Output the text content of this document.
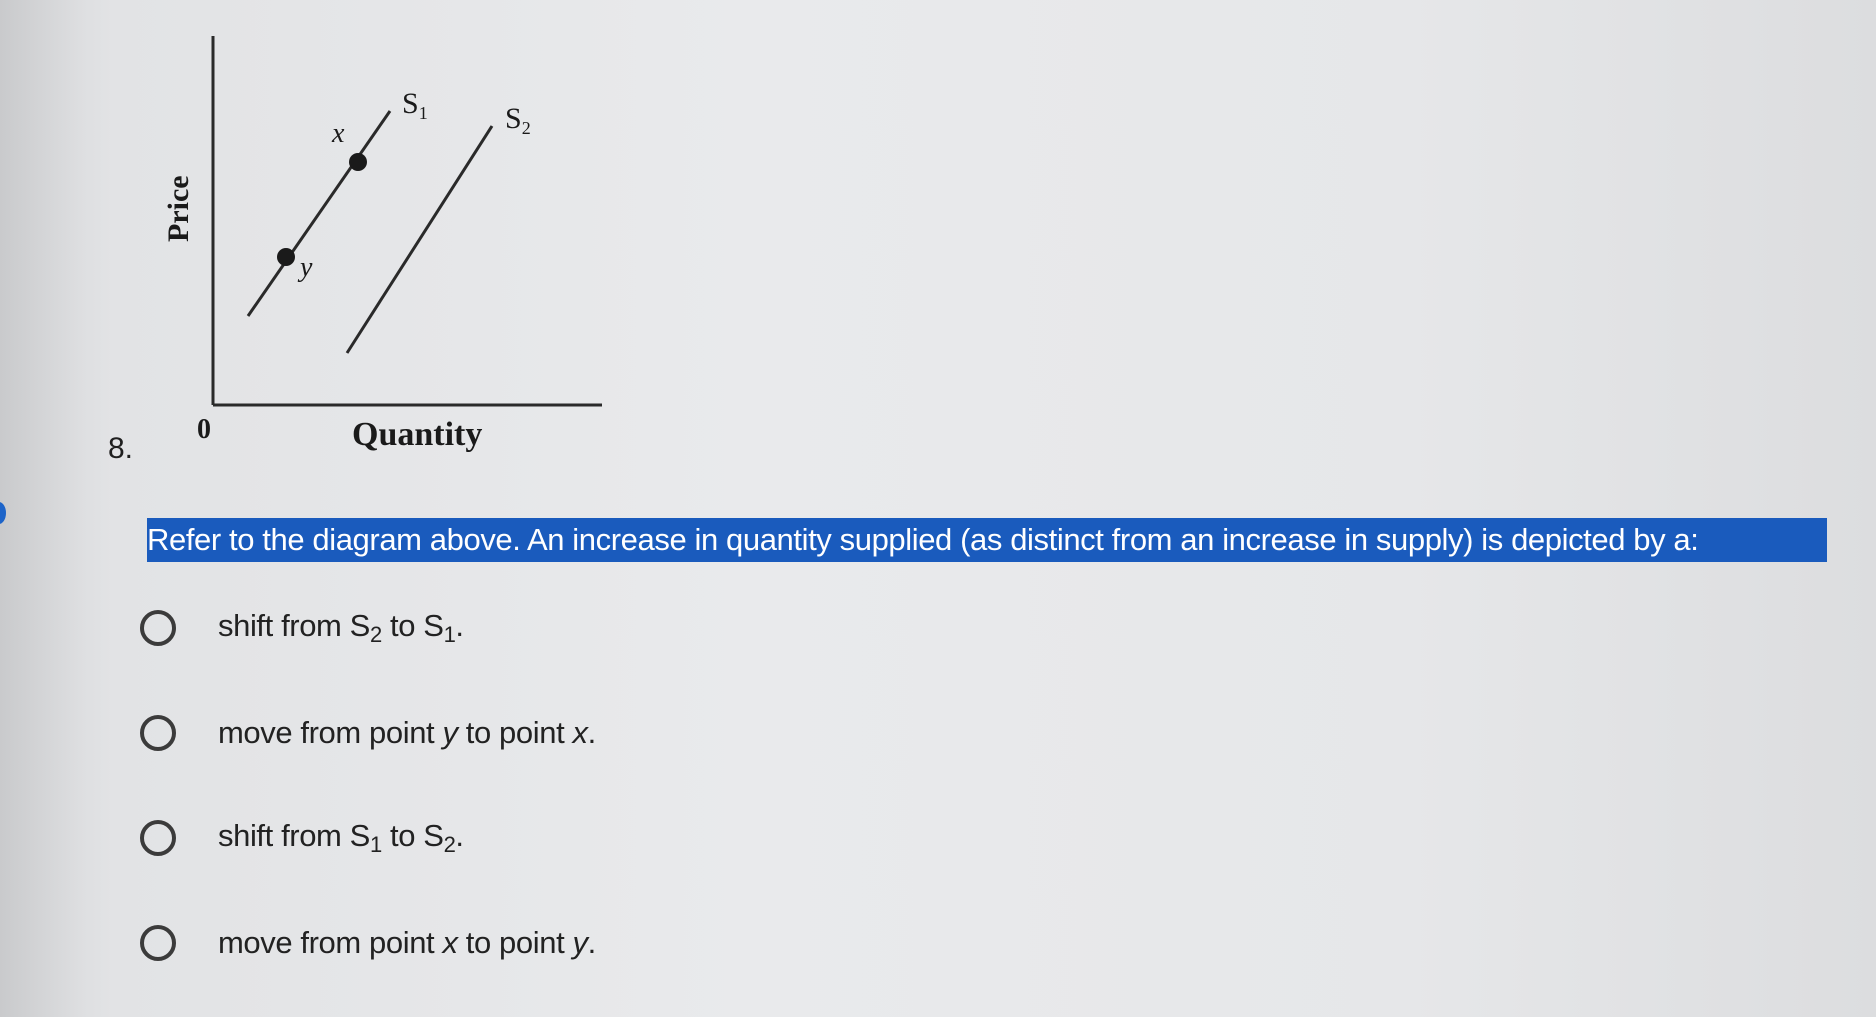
8.
Price
0	Quantity
$S_1$	$S_2$
x
y
Refer to the diagram above. An increase in quantity supplied (as distinct from an increase in supply) is depicted by a:
shift from $S_2$ to $S_1$.
move from point y to point x.
shift from $S_1$ to $S_2$.
move from point x to point y.
